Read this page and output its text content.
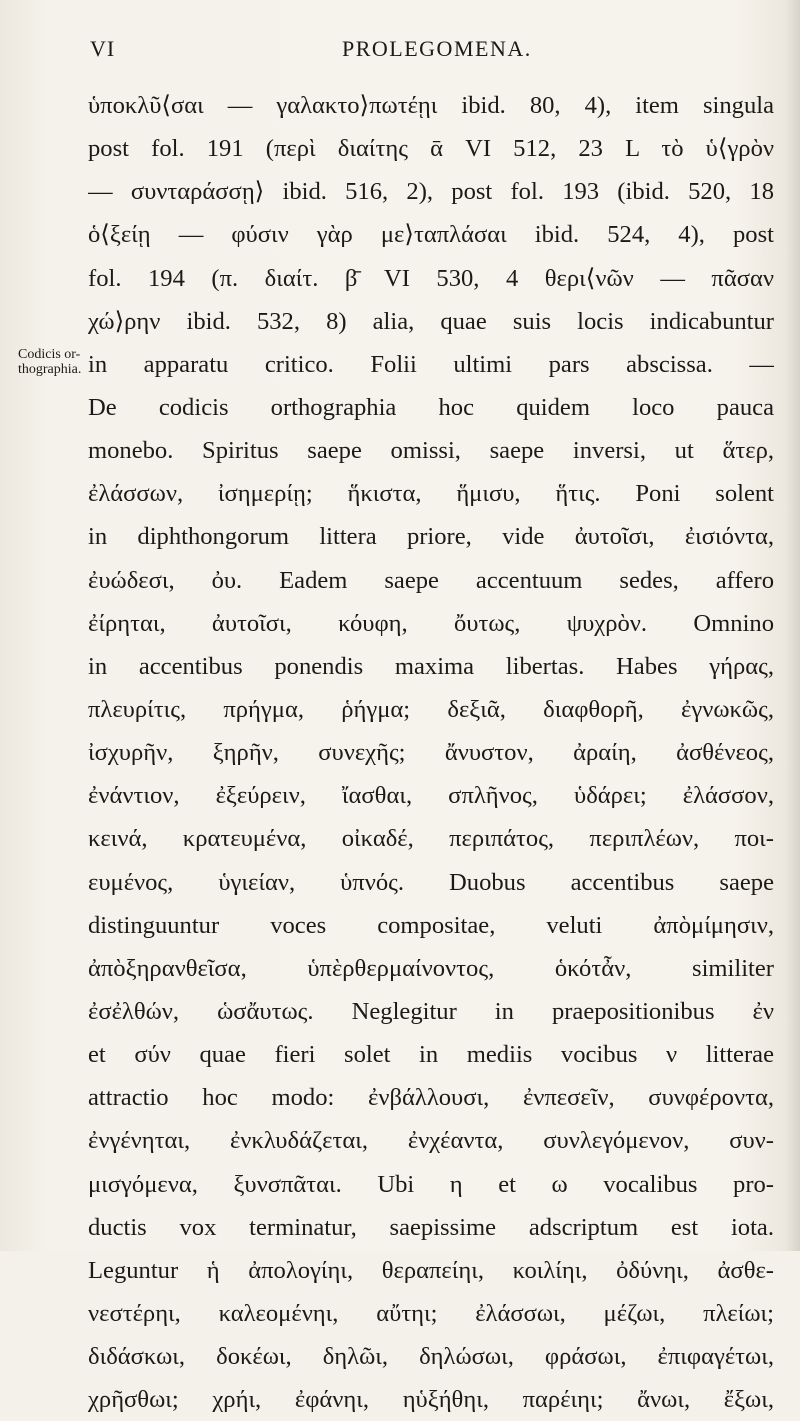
VI	PROLEGOMENA.
Codicis or-
thographia.
ὑποκλῦ⟨σαι — γαλακτο⟩πωτέῃι ibid. 80, 4), item singula
post fol. 191 (περὶ διαίτης ᾱ VI 512, 23 L τὸ ὑ⟨γρὸν
— συνταράσσῃ⟩ ibid. 516, 2), post fol. 193 (ibid. 520, 18
ὁ⟨ξείῃ — φύσιν γὰρ με⟩ταπλάσαι ibid. 524, 4), post
fol. 194 (π. διαίτ. β̄ VI 530, 4 θερι⟨νῶν — πᾶσαν
χώ⟩ρην ibid. 532, 8) alia, quae suis locis indicabuntur
in apparatu critico. Folii ultimi pars abscissa. —
De codicis orthographia hoc quidem loco pauca
monebo. Spiritus saepe omissi, saepe inversi, ut ἅτερ,
ἐλάσσων, ἰσημερίῃ; ἥκιστα, ἥμισυ, ἥτις. Poni solent
in diphthongorum littera priore, vide ἀυτοῖσι, ἐισιόντα,
ἐυώδεσι, ὀυ. Eadem saepe accentuum sedes, affero
ἐίρηται, ἀυτοῖσι, κόυφη, ὄυτως, ψυχρὸν. Omnino
in accentibus ponendis maxima libertas. Habes γήρας,
πλευρίτις, πρήγμα, ῥήγμα; δεξιᾶ, διαφθορῆ, ἐγνωκῶς,
ἰσχυρῆν, ξηρῆν, συνεχῆς; ἄνυστον, ἀραίη, ἀσθένεος,
ἐνάντιον, ἐξεύρειν, ἴασθαι, σπλῆνος, ὑδάρει; ἐλάσσον,
κεινά, κρατευμένα, οἰκαδέ, περιπάτος, περιπλέων, ποι-
ευμένος, ὑγιείαν, ὑπνός. Duobus accentibus saepe
distinguuntur voces compositae, veluti ἀπὸμίμησιν,
ἀπὸξηρανθεῖσα, ὑπὲρθερμαίνοντος, ὁκότἆν, similiter
ἐσἐλθών, ὡσἄυτως. Neglegitur in praepositionibus ἐν
et σύν quae fieri solet in mediis vocibus ν litterae
attractio hoc modo: ἐνβάλλουσι, ἐνπεσεῖν, συνφέροντα,
ἐνγένηται, ἐνκλυδάζεται, ἐνχέαντα, συνλεγόμενον, συν-
μισγόμενα, ξυνσπᾶται. Ubi η et ω vocalibus pro-
ductis vox terminatur, saepissime adscriptum est iota.
Leguntur ἡ ἀπολογίηι, θεραπείηι, κοιλίηι, ὀδύνηι, ἀσθε-
νεστέρηι, καλεομένηι, αὔτηι; ἐλάσσωι, μέζωι, πλείωι;
διδάσκωι, δοκέωι, δηλῶι, δηλώσωι, φράσωι, ἐπιφαγέτωι,
χρῆσθωι; χρήι, ἐφάνηι, ηὑξήθηι, παρέιηι; ἄνωι, ἔξωι,
